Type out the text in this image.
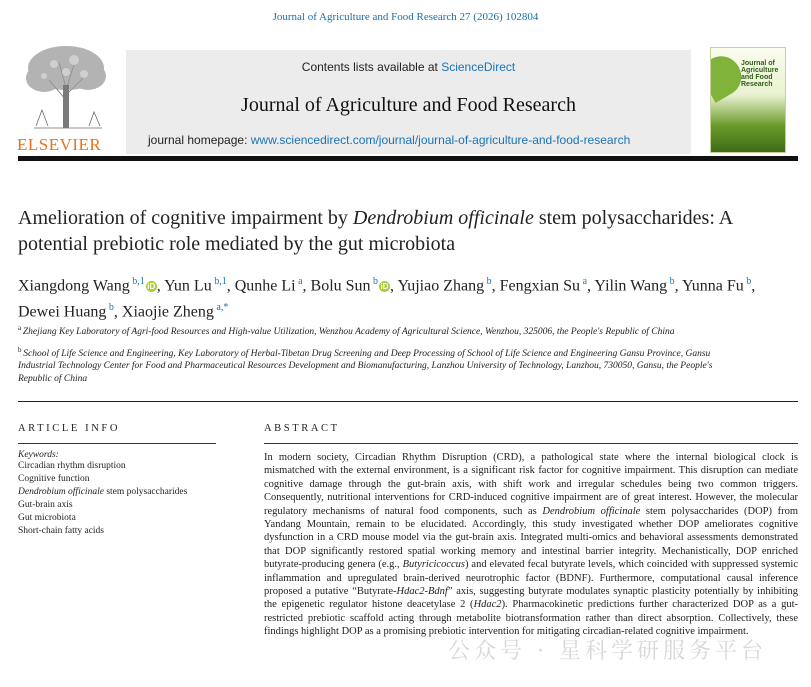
Journal of Agriculture and Food Research 27 (2026) 102804
ELSEVIER
Contents lists available at ScienceDirect
Journal of Agriculture and Food Research
journal homepage: www.sciencedirect.com/journal/journal-of-agriculture-and-food-research
Journal of Agriculture and Food Research
Amelioration of cognitive impairment by Dendrobium officinale stem polysaccharides: A potential prebiotic role mediated by the gut microbiota
Xiangdong Wang $^{b,1}$ iD, Yun Lu $^{b,1}$, Qunhe Li $^a$, Bolu Sun $^b$ iD, Yujiao Zhang $^b$, Fengxian Su $^a$, Yilin Wang $^b$, Yunna Fu $^b$, Dewei Huang $^b$, Xiaojie Zheng $^{a,*}$

$^a$ Zhejiang Key Laboratory of Agri-food Resources and High-value Utilization, Wenzhou Academy of Agricultural Science, Wenzhou, 325006, the People's Republic of China

$^b$ School of Life Science and Engineering, Key Laboratory of Herbal-Tibetan Drug Screening and Deep Processing of School of Life Science and Engineering Gansu Province, Gansu Industrial Technology Center for Food and Pharmaceutical Resources Development and Biomanufacturing, Lanzhou University of Technology, Lanzhou, 730050, Gansu, the People's Republic of China

ARTICLE INFO
Keywords:
Circadian rhythm disruption
Cognitive function
Dendrobium officinale stem polysaccharides
Gut-brain axis
Gut microbiota
Short-chain fatty acids
ABSTRACT
In modern society, Circadian Rhythm Disruption (CRD), a pathological state where the internal biological clock is mismatched with the external environment, is a significant risk factor for cognitive impairment. This disruption can mediate cognitive damage through the gut-brain axis, with shift work and irregular schedules being two common triggers. Consequently, nutritional interventions for CRD-induced cognitive impairment are of great interest. However, the molecular regulatory mechanisms of natural food components, such as Dendrobium officinale stem polysaccharides (DOP) from Yandang Mountain, remain to be elucidated. Accordingly, this study investigated whether DOP ameliorates cognitive dysfunction in a CRD mouse model via the gut-brain axis. Integrated multi-omics and behavioral assessments demonstrated that DOP significantly restored spatial working memory and intestinal barrier integrity. Mechanistically, DOP enriched butyrate-producing genera (e.g., Butyricicoccus) and elevated fecal butyrate levels, which coincided with suppressed systemic inflammation and upregulated brain-derived neurotrophic factor (BDNF). Furthermore, computational causal inference proposed a putative “Butyrate-Hdac2-Bdnf” axis, suggesting butyrate modulates synaptic plasticity potentially by inhibiting the epigenetic regulator histone deacetylase 2 (Hdac2). Pharmacokinetic predictions further characterized DOP as a gut-restricted prebiotic scaffold acting through metabolite biotransformation rather than direct absorption. Collectively, these findings highlight DOP as a promising prebiotic intervention for mitigating circadian-related cognitive impairment.
公众号 · 星科学研服务平台
